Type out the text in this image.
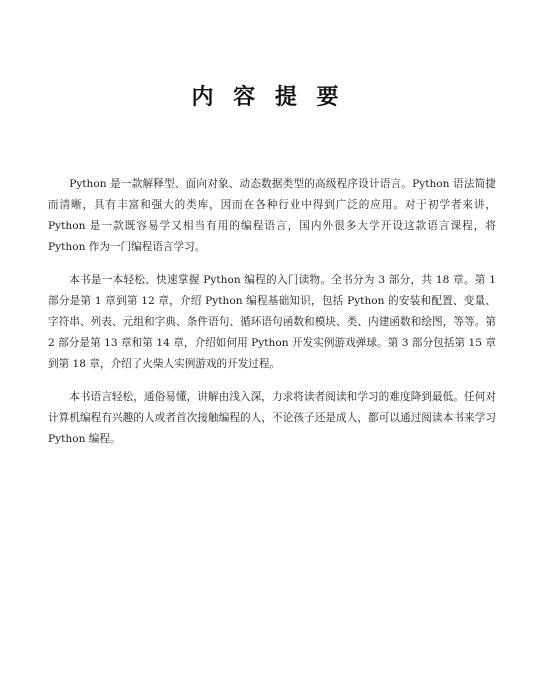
内 容 提 要

Python 是一款解释型、面向对象、动态数据类型的高级程序设计语言。Python 语法简捷而清晰，具有丰富和强大的类库，因而在各种行业中得到广泛的应用。对于初学者来讲，Python 是一款既容易学又相当有用的编程语言，国内外很多大学开设这款语言课程，将 Python 作为一门编程语言学习。

本书是一本轻松、快速掌握 Python 编程的入门读物。全书分为 3 部分，共 18 章。第 1 部分是第 1 章到第 12 章，介绍 Python 编程基础知识，包括 Python 的安装和配置、变量、字符串、列表、元组和字典、条件语句、循环语句函数和模块、类、内建函数和绘图，等等。第 2 部分是第 13 章和第 14 章，介绍如何用 Python 开发实例游戏弹球。第 3 部分包括第 15 章到第 18 章，介绍了火柴人实例游戏的开发过程。

本书语言轻松，通俗易懂，讲解由浅入深，力求将读者阅读和学习的难度降到最低。任何对计算机编程有兴趣的人或者首次接触编程的人，不论孩子还是成人，都可以通过阅读本书来学习 Python 编程。
